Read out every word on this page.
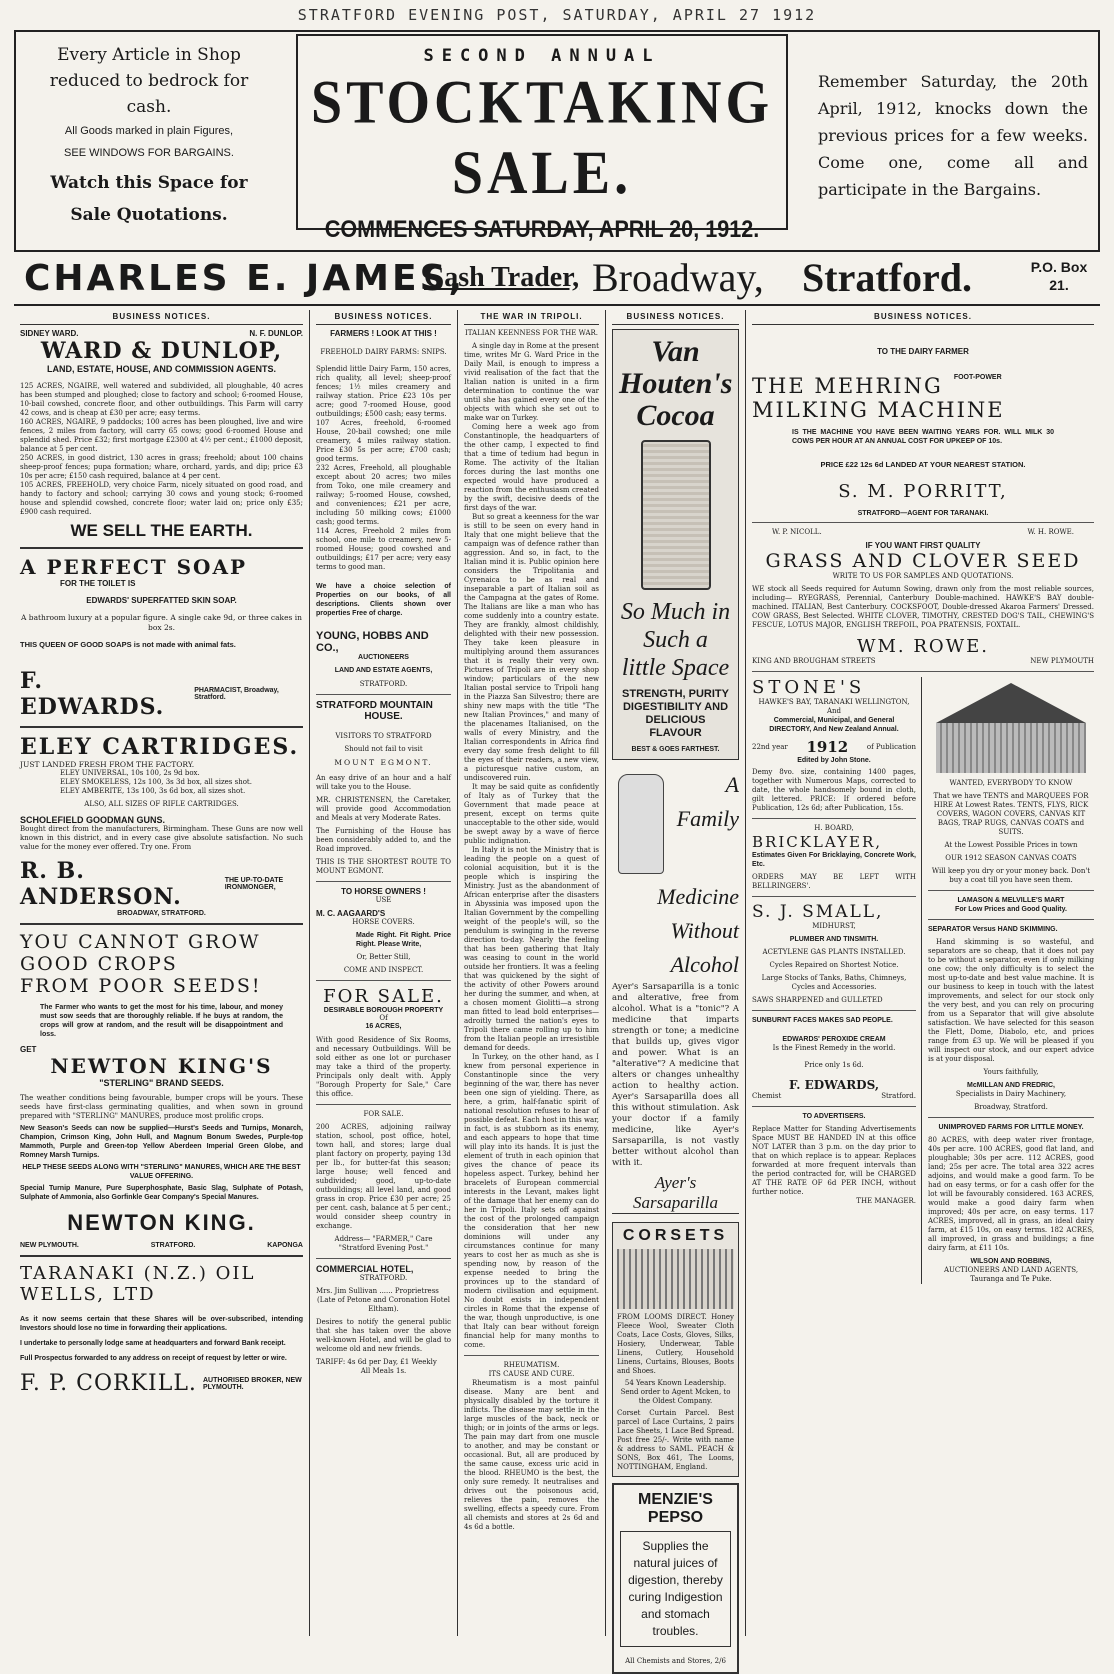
STRATFORD EVENING POST, SATURDAY, APRIL 27 1912
Every Article in Shop
reduced to bedrock for cash.
All Goods marked in plain Figures,
SEE WINDOWS FOR BARGAINS.
Watch this Space for
Sale Quotations.
SECOND ANNUAL
STOCKTAKING SALE.
COMMENCES SATURDAY, APRIL 20, 1912.
Remember Saturday, the 20th April, 1912, knocks down the previous prices for a few weeks. Come one, come all and participate in the Bargains.
CHARLES E. JAMES,
Cash Trader, Broadway, Stratford.	P.O. Box 21.
BUSINESS NOTICES.
SIDNEY WARD.	N. F. DUNLOP.
WARD & DUNLOP,
LAND, ESTATE, HOUSE, AND COMMISSION AGENTS.
125 ACRES, NGAIRE, well watered and subdivided, all ploughable, 40 acres has been stumped and ploughed; close to factory and school; 6-roomed House, 10-bail cowshed, concrete floor, and other outbuildings. This Farm will carry 42 cows, and is cheap at £30 per acre; easy terms.
160 ACRES, NGAIRE, 9 paddocks; 100 acres has been ploughed, live and wire fences, 2 miles from factory, will carry 65 cows; good 6-roomed House and splendid shed. Price £32; first mortgage £2300 at 4½ per cent.; £1000 deposit, balance at 5 per cent.
250 ACRES, in good district, 130 acres in grass; freehold; about 100 chains sheep-proof fences; pupa formation; whare, orchard, yards, and dip; price £3 10s per acre; £150 cash required, balance at 4 per cent.
105 ACRES, FREEHOLD, very choice Farm, nicely situated on good road, and handy to factory and school; carrying 30 cows and young stock; 6-roomed house and splendid cowshed, concrete floor; water laid on; price only £35; £900 cash required.
WE SELL THE EARTH.
A PERFECT SOAP
FOR THE TOILET IS
EDWARDS' SUPERFATTED SKIN SOAP.
A bathroom luxury at a popular figure. A single cake 9d, or three cakes in box 2s.
THIS QUEEN OF GOOD SOAPS is not made with animal fats.
F. EDWARDS.
PHARMACIST, Broadway, Stratford.
ELEY CARTRIDGES.
JUST LANDED FRESH FROM THE FACTORY.
ELEY UNIVERSAL, 10s 100, 2s 9d box.
ELEY SMOKELESS, 12s 100, 3s 3d box, all sizes shot.
ELEY AMBERITE, 13s 100, 3s 6d box, all sizes shot.
ALSO, ALL SIZES OF RIFLE CARTRIDGES.
SCHOLEFIELD GOODMAN GUNS.
Bought direct from the manufacturers, Birmingham. These Guns are now well known in this district, and in every case give absolute satisfaction. No such value for the money ever offered. Try one. From
R. B. ANDERSON.
THE UP-TO-DATE IRONMONGER,
BROADWAY, STRATFORD.
YOU CANNOT GROW GOOD CROPS
FROM POOR SEEDS!
The Farmer who wants to get the most for his time, labour, and money must sow seeds that are thoroughly reliable. If he buys at random, the crops will grow at random, and the result will be disappointment and loss.
GET
NEWTON KING'S
"STERLING" BRAND SEEDS.
The weather conditions being favourable, bumper crops will be yours. These seeds have first-class germinating qualities, and when sown in ground prepared with "STERLING" MANURES, produce most prolific crops.
New Season's Seeds can now be supplied—Hurst's Seeds and Turnips, Monarch, Champion, Crimson King, John Hull, and Magnum Bonum Swedes, Purple-top Mammoth, Purple and Green-top Yellow Aberdeen Imperial Green Globe, and Romney Marsh Turnips.
HELP THESE SEEDS ALONG WITH "STERLING" MANURES, WHICH ARE THE BEST VALUE OFFERING.
Special Turnip Manure, Pure Superphosphate, Basic Slag, Sulphate of Potash, Sulphate of Ammonia, also Gorfinkle Gear Company's Special Manures.
NEWTON KING.
NEW PLYMOUTH.	STRATFORD.	KAPONGA
TARANAKI (N.Z.) OIL WELLS, LTD
As it now seems certain that these Shares will be over-subscribed, intending Investors should lose no time in forwarding their applications.
I undertake to personally lodge same at headquarters and forward Bank receipt.
Full Prospectus forwarded to any address on receipt of request by letter or wire.
F. P. CORKILL. AUTHORISED BROKER, NEW PLYMOUTH.
BUSINESS NOTICES.
FARMERS ! LOOK AT THIS !
FREEHOLD DAIRY FARMS: SNIPS.
Splendid little Dairy Farm, 150 acres, rich quality, all level; sheep-proof fences; 1½ miles creamery and railway station. Price £23 10s per acre; good 7-roomed House, good outbuildings; £500 cash; easy terms.
107 Acres, freehold, 6-roomed House, 20-bail cowshed; one mile creamery, 4 miles railway station. Price £30 5s per acre; £700 cash; good terms.
232 Acres, Freehold, all ploughable except about 20 acres; two miles from Toko, one mile creamery and railway; 5-roomed House, cowshed, and conveniences; £21 per acre, including 50 milking cows; £1000 cash; good terms.
114 Acres, Freehold 2 miles from school, one mile to creamery, new 5-roomed House; good cowshed and outbuildings; £17 per acre; very easy terms to good man.
We have a choice selection of Properties on our books, of all descriptions. Clients shown over properties Free of charge.
YOUNG, HOBBS AND CO.,
AUCTIONEERS
LAND AND ESTATE AGENTS,
STRATFORD.
STRATFORD MOUNTAIN
HOUSE.
VISITORS TO STRATFORD
Should not fail to visit
MOUNT EGMONT.
An easy drive of an hour and a half will take you to the House.
MR. CHRISTENSEN, the Caretaker, will provide good Accommodation and Meals at very Moderate Rates.
The Furnishing of the House has been considerably added to, and the Road improved.
THIS IS THE SHORTEST ROUTE TO MOUNT EGMONT.
TO HORSE OWNERS !
USE
M. C. AAGAARD'S
HORSE COVERS.
Made Right. Fit Right. Price Right. Please Write,
Or, Better Still,
COME AND INSPECT.
FOR SALE.
DESIRABLE BOROUGH PROPERTY
Of
16 ACRES,
With good Residence of Six Rooms, and necessary Outbuildings. Will be sold either as one lot or purchaser may take a third of the property. Principals only dealt with. Apply "Borough Property for Sale," Care this office.
FOR SALE.
200 ACRES, adjoining railway station, school, post office, hotel, town hall, and stores; large dual plant factory on property, paying 13d per lb., for butter-fat this season; large house; well fenced and subdivided; good, up-to-date outbuildings; all level land, and good grass in crop. Price £30 per acre; 25 per cent. cash, balance at 5 per cent.; would consider sheep country in exchange.
Address— "FARMER," Care "Stratford Evening Post."
COMMERCIAL HOTEL,
STRATFORD.
Mrs. Jim Sullivan ...... Proprietress
(Late of Petone and Coronation Hotel Eltham).
Desires to notify the general public that she has taken over the above well-known Hotel, and will be glad to welcome old and new friends.
TARIFF: 4s 6d per Day, £1 Weekly
All Meals 1s.
THE WAR IN TRIPOLI.
ITALIAN KEENNESS FOR THE WAR.
A single day in Rome at the present time, writes Mr G. Ward Price in the Daily Mail, is enough to impress a vivid realisation of the fact that the Italian nation is united in a firm determination to continue the war until she has gained every one of the objects with which she set out to make war on Turkey.
Coming here a week ago from Constantinople, the headquarters of the other camp, I expected to find that a time of tedium had begun in Rome. The activity of the Italian forces during the last months one expected would have produced a reaction from the enthusiasm created by the swift, decisive deeds of the first days of the war.
But so great a keenness for the war is still to be seen on every hand in Italy that one might believe that the campaign was of defence rather than aggression. And so, in fact, to the Italian mind it is. Public opinion here considers the Tripolitania and Cyrenaica to be as real and inseparable a part of Italian soil as the Campagna at the gates of Rome. The Italians are like a man who has come suddenly into a country estate. They are frankly, almost childishly, delighted with their new possession. They take keen pleasure in multiplying around them assurances that it is really their very own. Pictures of Tripoli are in every shop window; particulars of the new Italian postal service to Tripoli hang in the Piazza San Silvestro; there are shiny new maps with the title "The new Italian Provinces," and many of the placenames Italianised, on the walls of every Ministry, and the Italian correspondents in Africa find every day some fresh delight to fill the eyes of their readers, a new view, a picturesque native custom, an undiscovered ruin.
It may be said quite as confidently of Italy as of Turkey that the Government that made peace at present, except on terms quite unacceptable to the other side, would be swept away by a wave of fierce public indignation.
In Italy it is not the Ministry that is leading the people on a quest of colonial acquisition, but it is the people which is inspiring the Ministry. Just as the abandonment of African enterprise after the disasters in Abyssinia was imposed upon the Italian Government by the compelling weight of the people's will, so the pendulum is swinging in the reverse direction to-day. Nearly the feeling that has been gathering that Italy was ceasing to count in the world outside her frontiers. It was a feeling that was quickened by the sight of the activity of other Powers around her during the summer, and when, at a chosen moment Giolitti—a strong man fitted to lead bold enterprises—adroitly turned the nation's eyes to Tripoli there came rolling up to him from the Italian people an irresistible demand for deeds.
In Turkey, on the other hand, as I knew from personal experience in Constantinople since the very beginning of the war, there has never been one sign of yielding. There, as here, a grim, half-fanatic spirit of national resolution refuses to hear of possible defeat. Each host in this war, in fact, is as stubborn as its enemy, and each appears to hope that time will play into its hands. It is just the element of truth in each opinion that gives the chance of peace its hopeless aspect. Turkey, behind her bracelets of European commercial interests in the Levant, makes light of the damage that her enemy can do her in Tripoli. Italy sets off against the cost of the prolonged campaign the consideration that her new dominions will under any circumstances continue for many years to cost her as much as she is spending now, by reason of the expense needed to bring the provinces up to the standard of modern civilisation and equipment. No doubt exists in independent circles in Rome that the expense of the war, though unproductive, is one that Italy can bear without foreign financial help for many months to come.
RHEUMATISM.
ITS CAUSE AND CURE.
Rheumatism is a most painful disease. Many are bent and physically disabled by the torture it inflicts. The disease may settle in the large muscles of the back, neck or thigh; or in joints of the arms or legs. The pain may dart from one muscle to another, and may be constant or occasional. But, all are produced by the same cause, excess uric acid in the blood. RHEUMO is the best, the only sure remedy. It neutralises and drives out the poisonous acid, relieves the pain, removes the swelling, effects a speedy cure. From all chemists and stores at 2s 6d and 4s 6d a bottle.
BUSINESS NOTICES.
Van Houten's
Cocoa
So Much in Such a little Space
STRENGTH, PURITY DIGESTIBILITY AND DELICIOUS FLAVOUR
BEST & GOES FARTHEST.
A Family
Medicine
Without
Alcohol
Ayer's Sarsaparilla is a tonic and alterative, free from alcohol. What is a "tonic"? A medicine that imparts strength or tone; a medicine that builds up, gives vigor and power. What is an "alterative"? A medicine that alters or changes unhealthy action to healthy action. Ayer's Sarsaparilla does all this without stimulation. Ask your doctor if a family medicine, like Ayer's Sarsaparilla, is not vastly better without alcohol than with it.
Ayer's Sarsaparilla
CORSETS
FROM LOOMS DIRECT. Honey Fleece Wool, Sweater Cloth Coats, Lace Costs, Gloves, Silks, Hosiery, Underwear, Table Linens, Cutlery, Household Linens, Curtains, Blouses, Boots and Shoes.
54 Years Known Leadership. Send order to Agent Mcken, to the Oldest Company.
Corset Curtain Parcel. Best parcel of Lace Curtains, 2 pairs Lace Sheets, 1 Lace Bed Spread. Post free 25/-. Write with name & address to SAML. PEACH & SONS, Box 461, The Looms, NOTTINGHAM, England.
MENZIE'S PEPSO
Supplies the natural juices of digestion, thereby curing Indigestion and stomach troubles.
All Chemists and Stores, 2/6
BUSINESS NOTICES.
TO THE DAIRY FARMER
THE MEHRING $^{FOOT-POWER}$
MILKING MACHINE
IS THE MACHINE YOU HAVE BEEN WAITING YEARS FOR. WILL MILK 30 COWS PER HOUR AT AN ANNUAL COST FOR UPKEEP OF 10s.
PRICE £22 12s 6d LANDED AT YOUR NEAREST STATION.
S. M. PORRITT,
STRATFORD—AGENT FOR TARANAKI.
W. P. NICOLL.	W. H. ROWE.
IF YOU WANT FIRST QUALITY
GRASS AND CLOVER SEED
WRITE TO US FOR SAMPLES AND QUOTATIONS.
WE stock all Seeds required for Autumn Sowing, drawn only from the most reliable sources, including— RYEGRASS, Perennial, Canterbury Double-machined. HAWKE'S BAY double-machined. ITALIAN, Best Canterbury. COCKSFOOT, Double-dressed Akaroa Farmers' Dressed. COW GRASS, Best Selected. WHITE CLOVER, TIMOTHY, CRESTED DOG'S TAIL, CHEWING'S FESCUE, LOTUS MAJOR, ENGLISH TREFOIL, POA PRATENSIS, FOXTAIL.
WM. ROWE.
KING AND BROUGHAM STREETS	NEW PLYMOUTH
STONE'S
HAWKE'S BAY, TARANAKI WELLINGTON,
And
Commercial, Municipal, and General DIRECTORY, And New Zealand Annual.
22nd year 1912	of Publication
Edited by John Stone.
Demy 8vo. size, containing 1400 pages, together with Numerous Maps, corrected to date, the whole handsomely bound in cloth, gilt lettered. PRICE: If ordered before Publication, 12s 6d; after Publication, 15s.
H. BOARD,
BRICKLAYER,
Estimates Given For Bricklaying, Concrete Work, Etc.
ORDERS MAY BE LEFT WITH BELLRINGERS'.
S. J. SMALL,
MIDHURST,
PLUMBER AND TINSMITH.
ACETYLENE GAS PLANTS INSTALLED.
Cycles Repaired on Shortest Notice.
Large Stocks of Tanks, Baths, Chimneys, Cycles and Accessories.
SAWS SHARPENED and GULLETED
SUNBURNT FACES MAKES SAD PEOPLE.
EDWARDS' PEROXIDE CREAM
Is the Finest Remedy in the world.
Price only 1s 6d.
F. EDWARDS,
Chemist	Stratford.
TO ADVERTISERS.
Replace Matter for Standing Advertisements Space MUST BE HANDED IN at this office NOT LATER than 3 p.m. on the day prior to that on which replace is to appear. Replaces forwarded at more frequent intervals than the period contracted for, will be CHARGED AT THE RATE OF 6d PER INCH, without further notice.
THE MANAGER.
WANTED, EVERYBODY TO KNOW
That we have TENTS and MARQUEES FOR HIRE At Lowest Rates. TENTS, FLYS, RICK COVERS, WAGON COVERS, CANVAS KIT BAGS, TRAP RUGS, CANVAS COATS and SUITS.
At the Lowest Possible Prices in town
OUR 1912 SEASON CANVAS COATS
Will keep you dry or your money back. Don't buy a coat till you have seen them.
LAMASON & MELVILLE'S MART
For Low Prices and Good Quality.
SEPARATOR Versus HAND SKIMMING.
Hand skimming is so wasteful, and separators are so cheap, that it does not pay to be without a separator, even if only milking one cow; the only difficulty is to select the most up-to-date and best value machine. It is our business to keep in touch with the latest improvements, and select for our stock only the very best, and you can rely on procuring from us a Separator that will give absolute satisfaction. We have selected for this season the Flett, Dome, Diabolo, etc, and prices range from £3 up. We will be pleased if you will inspect our stock, and our expert advice is at your disposal.
Yours faithfully,
McMILLAN AND FREDRIC,
Specialists in Dairy Machinery,
Broadway, Stratford.
UNIMPROVED FARMS FOR LITTLE MONEY.
80 ACRES, with deep water river frontage, 40s per acre. 100 ACRES, good flat land, and ploughable; 30s per acre. 112 ACRES, good land; 25s per acre. The total area 322 acres adjoins, and would make a good farm. To be had on easy terms, or for a cash offer for the lot will be favourably considered. 163 ACRES, would make a good dairy farm when improved; 40s per acre, on easy terms. 117 ACRES, improved, all in grass, an ideal dairy farm, at £15 10s, on easy terms. 182 ACRES, all improved, in grass and buildings; a fine dairy farm, at £11 10s.
WILSON AND ROBBINS,
AUCTIONEERS AND LAND AGENTS,
Tauranga and Te Puke.
